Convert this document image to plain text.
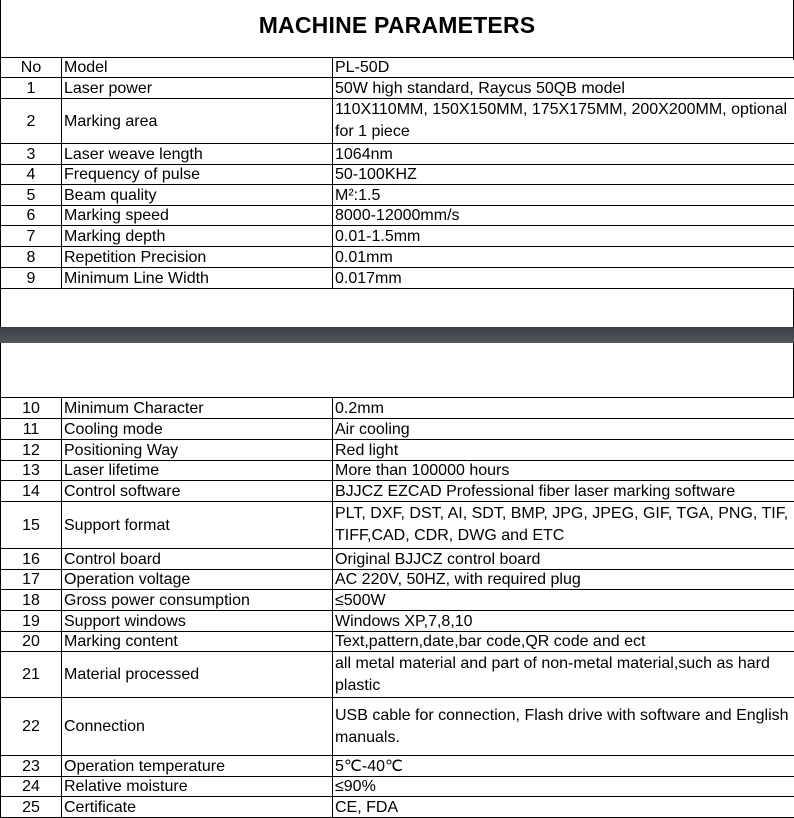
MACHINE PARAMETERS
No	Model	PL-50D
1	Laser power	50W high standard, Raycus 50QB model
2	Marking area	110X110MM, 150X150MM, 175X175MM, 200X200MM, optional for 1 piece
3	Laser weave length	1064nm
4	Frequency of pulse	50-100KHZ
5	Beam quality	M²:1.5
6	Marking speed	8000-12000mm/s
7	Marking depth	0.01-1.5mm
8	Repetition Precision	0.01mm
9	Minimum Line Width	0.017mm
10	Minimum Character	0.2mm
11	Cooling mode	Air cooling
12	Positioning Way	Red light
13	Laser lifetime	More than 100000 hours
14	Control software	BJJCZ EZCAD Professional fiber laser marking software
15	Support format	PLT, DXF, DST, AI, SDT, BMP, JPG, JPEG, GIF, TGA, PNG, TIF, TIFF,CAD, CDR, DWG and ETC
16	Control board	Original BJJCZ control board
17	Operation voltage	AC 220V, 50HZ, with required plug
18	Gross power consumption	≤500W
19	Support windows	Windows XP,7,8,10
20	Marking content	Text,pattern,date,bar code,QR code and ect
21	Material processed	all metal material and part of non-metal material,such as hard plastic
22	Connection	USB cable for connection, Flash drive with software and English manuals.
23	Operation temperature	5℃-40℃
24	Relative moisture	≤90%
25	Certificate	CE, FDA
